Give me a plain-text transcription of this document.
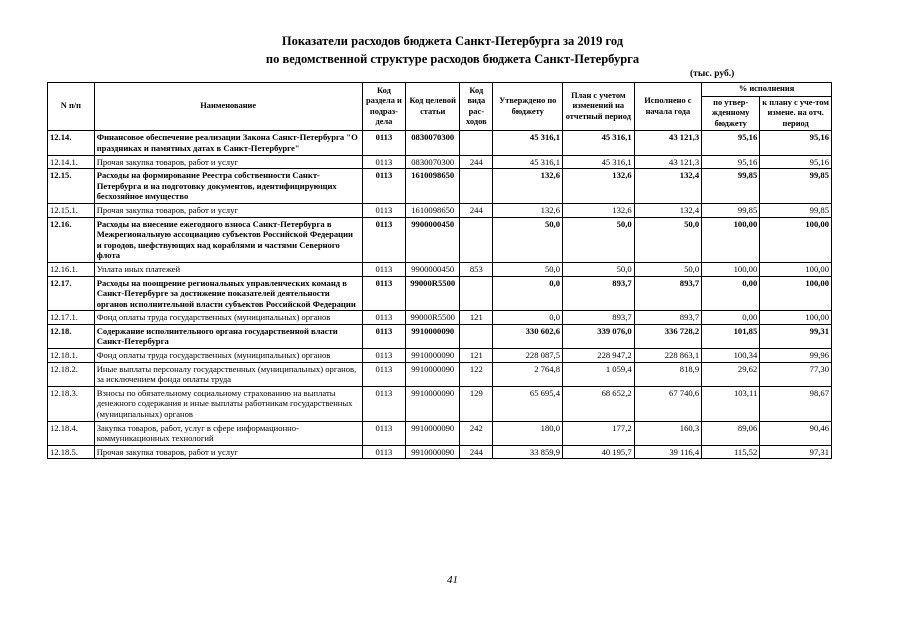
Показатели расходов бюджета Санкт-Петербурга за 2019 год
по ведомственной структуре расходов бюджета Санкт-Петербурга
(тыс. руб.)
N п/п	Наименование	Код раздела и подраз-дела	Код целевой статьи	Код вида рас-ходов	Утверждено по бюджету	План с учетом изменений на отчетный период	Исполнено с начала года	% исполнения	
								по утвер-жденному бюджету	к плану с уче-том измене. на отч. период
12.14.	Финансовое обеспечение реализации Закона Санкт-Петербурга "О праздниках и памятных датах в Санкт-Петербурге"	0113	0830070300		45 316,1	45 316,1	43 121,3	95,16	95,16
12.14.1.	Прочая закупка товаров, работ и услуг	0113	0830070300	244	45 316,1	45 316,1	43 121,3	95,16	95,16
12.15.	Расходы на формирование Реестра собственности Санкт-Петербурга и на подготовку документов, идентифицирующих бесхозяйное имущество	0113	1610098650		132,6	132,6	132,4	99,85	99,85
12.15.1.	Прочая закупка товаров, работ и услуг	0113	1610098650	244	132,6	132,6	132,4	99,85	99,85
12.16.	Расходы на внесение ежегодного взноса Санкт-Петербурга в Межрегиональную ассоциацию субъектов Российской Федерации и городов, шефствующих над кораблями и частями Северного флота	0113	9900000450		50,0	50,0	50,0	100,00	100,00
12.16.1.	Уплата иных платежей	0113	9900000450	853	50,0	50,0	50,0	100,00	100,00
12.17.	Расходы на поощрение региональных управленческих команд в Санкт-Петербурге за достижение показателей деятельности органов исполнительной власти субъектов Российской Федерации	0113	99000R5500		0,0	893,7	893,7	0,00	100,00
12.17.1.	Фонд оплаты труда государственных (муниципальных) органов	0113	99000R5500	121	0,0	893,7	893,7	0,00	100,00
12.18.	Содержание исполнительного органа государственной власти Санкт-Петербурга	0113	9910000090		330 602,6	339 076,0	336 728,2	101,85	99,31
12.18.1.	Фонд оплаты труда государственных (муниципальных) органов	0113	9910000090	121	228 087,5	228 947,2	228 863,1	100,34	99,96
12.18.2.	Иные выплаты персоналу государственных (муниципальных) органов, за исключением фонда оплаты труда	0113	9910000090	122	2 764,8	1 059,4	818,9	29,62	77,30
12.18.3.	Взносы по обязательному социальному страхованию на выплаты денежного содержания и иные выплаты работникам государственных (муниципальных) органов	0113	9910000090	129	65 695,4	68 652,2	67 740,6	103,11	98,67
12.18.4.	Закупка товаров, работ, услуг в сфере информационно-коммуникационных технологий	0113	9910000090	242	180,0	177,2	160,3	89,06	90,46
12.18.5.	Прочая закупка товаров, работ и услуг	0113	9910000090	244	33 859,9	40 195,7	39 116,4	115,52	97,31
41
